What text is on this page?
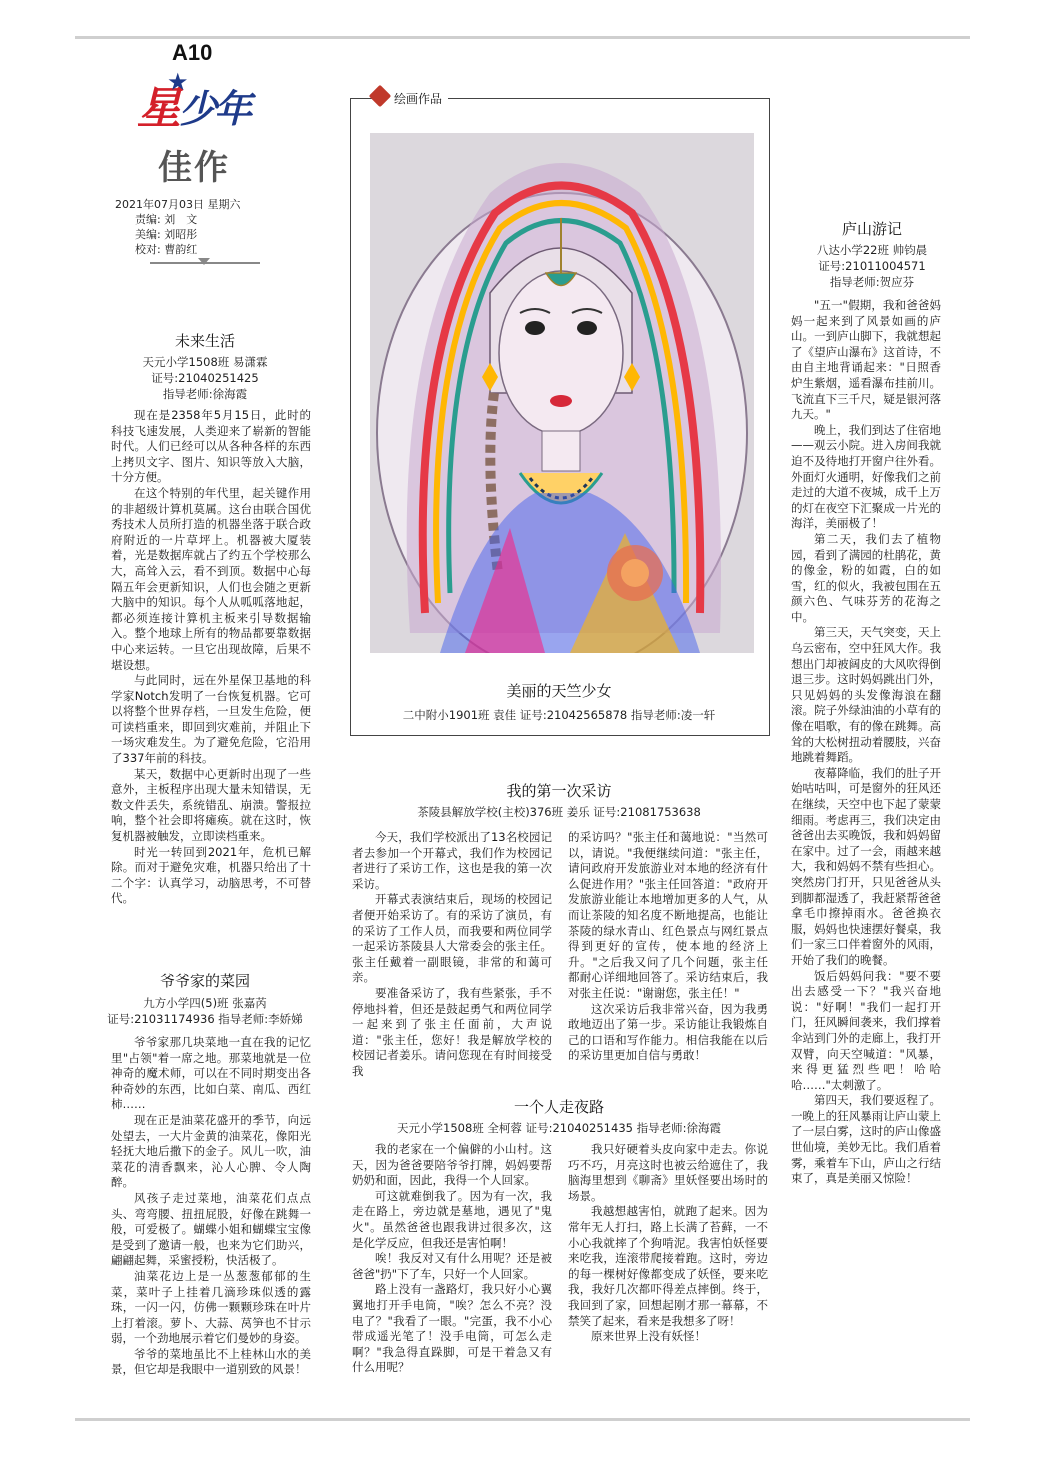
A10
星
★
少年
佳作
2021年07月03日 星期六
责编: 刘　文
美编: 刘昭彤
校对: 曹韵红
未来生活
天元小学1508班 易潇霖
证号:21040251425
指导老师:徐海霞

现在是2358年5月15日，此时的科技飞速发展，人类迎来了崭新的智能时代。人们已经可以从各种各样的东西上拷贝文字、图片、知识等放入大脑，十分方便。

在这个特别的年代里，起关键作用的非超级计算机莫属。这台由联合国优秀技术人员所打造的机器坐落于联合政府附近的一片草坪上。机器被大厦装着，光是数据库就占了约五个学校那么大，高耸入云，看不到顶。数据中心每隔五年会更新知识，人们也会随之更新大脑中的知识。每个人从呱呱落地起，都必须连接计算机主板来引导数据输入。整个地球上所有的物品都要靠数据中心来运转。一旦它出现故障，后果不堪设想。

与此同时，远在外星保卫基地的科学家Notch发明了一台恢复机器。它可以将整个世界存档，一旦发生危险，便可读档重来，即回到灾难前，并阻止下一场灾难发生。为了避免危险，它沿用了337年前的科技。

某天，数据中心更新时出现了一些意外，主板程序出现大量未知错误，无数文件丢失，系统错乱、崩溃。警报拉响，整个社会即将瘫痪。就在这时，恢复机器被触发，立即读档重来。

时光一转回到2021年，危机已解除。而对于避免灾难，机器只给出了十二个字：认真学习，动脑思考，不可替代。

爷爷家的菜园
九方小学四(5)班 张嘉芮
证号:21031174936 指导老师:李娇娣

爷爷家那几块菜地一直在我的记忆里"占领"着一席之地。那菜地就是一位神奇的魔术师，可以在不同时期变出各种奇妙的东西，比如白菜、南瓜、西红柿……

现在正是油菜花盛开的季节，向远处望去，一大片金黄的油菜花，像阳光轻抚大地后撒下的金子。风儿一吹，油菜花的清香飘来，沁人心脾、令人陶醉。

风孩子走过菜地，油菜花们点点头、弯弯腰、扭扭屁股，好像在跳舞一般，可爱极了。蝴蝶小姐和蝴蝶宝宝像是受到了邀请一般，也来为它们助兴，翩翩起舞，采蜜授粉，快活极了。

油菜花边上是一丛葱葱郁郁的生菜，菜叶子上挂着几滴珍珠似透的露珠，一闪一闪，仿佛一颗颗珍珠在叶片上打着滚。萝卜、大蒜、莴笋也不甘示弱，一个劲地展示着它们曼妙的身姿。

爷爷的菜地虽比不上桂林山水的美景，但它却是我眼中一道别致的风景！

绘画作品
美丽的天竺少女
二中附小1901班 袁佳 证号:21042565878 指导老师:凌一轩
我的第一次采访
茶陵县解放学校(主校)376班 姜乐 证号:21081753638

今天，我们学校派出了13名校园记者去参加一个开幕式，我们作为校园记者进行了采访工作，这也是我的第一次采访。

开幕式表演结束后，现场的校园记者便开始采访了。有的采访了演员，有的采访了工作人员，而我要和两位同学一起采访茶陵县人大常委会的张主任。张主任戴着一副眼镜，非常的和蔼可亲。

要准备采访了，我有些紧张，手不停地抖着，但还是鼓起勇气和两位同学一起来到了张主任面前，大声说道："张主任，您好！我是解放学校的校园记者姜乐。请问您现在有时间接受我

的采访吗？"张主任和蔼地说："当然可以，请说。"我便继续问道："张主任，请问政府开发旅游业对本地的经济有什么促进作用？"张主任回答道："政府开发旅游业能让本地增加更多的人气，从而让茶陵的知名度不断地提高，也能让茶陵的绿水青山、红色景点与网红景点得到更好的宣传，使本地的经济上升。"之后我又问了几个问题，张主任都耐心详细地回答了。采访结束后，我对张主任说："谢谢您，张主任！"

这次采访后我非常兴奋，因为我勇敢地迈出了第一步。采访能让我锻炼自己的口语和写作能力。相信我能在以后的采访里更加自信与勇敢！

一个人走夜路
天元小学1508班 全柯蓉 证号:21040251435 指导老师:徐海霞

我的老家在一个偏僻的小山村。这天，因为爸爸要陪爷爷打牌，妈妈要帮奶奶和面，因此，我得一个人回家。

可这就难倒我了。因为有一次，我走在路上，旁边就是墓地，遇见了"鬼火"。虽然爸爸也跟我讲过很多次，这是化学反应，但我还是害怕啊！

唉！我反对又有什么用呢？还是被爸爸"扔"下了车，只好一个人回家。

路上没有一盏路灯，我只好小心翼翼地打开手电筒，"唉？怎么不亮？没电了？"我看了一眼。"完蛋，我不小心带成遥光笔了！没手电筒，可怎么走啊？"我急得直跺脚，可是干着急又有什么用呢？

我只好硬着头皮向家中走去。你说巧不巧，月亮这时也被云给遮住了，我脑海里想到《聊斋》里妖怪要出场时的场景。

我越想越害怕，就跑了起来。因为常年无人打扫，路上长满了苔藓，一不小心我就摔了个狗啃泥。我害怕妖怪要来吃我，连滚带爬接着跑。这时，旁边的每一棵树好像都变成了妖怪，要来吃我，我好几次都吓得差点摔倒。终于，我回到了家，回想起刚才那一幕幕，不禁笑了起来，看来是我想多了呀！

原来世界上没有妖怪！

庐山游记
八达小学22班 帅钧晨
证号:21011004571
指导老师:贺应芬

"五一"假期，我和爸爸妈妈一起来到了风景如画的庐山。一到庐山脚下，我就想起了《望庐山瀑布》这首诗，不由自主地背诵起来："日照香炉生紫烟，遥看瀑布挂前川。飞流直下三千尺，疑是银河落九天。"

晚上，我们到达了住宿地——观云小院。进入房间我就迫不及待地打开窗户往外看。外面灯火通明，好像我们之前走过的大道不夜城，成千上万的灯在夜空下汇聚成一片光的海洋，美丽极了！

第二天，我们去了植物园，看到了满园的杜鹃花，黄的像金，粉的如霞，白的如雪，红的似火，我被包围在五颜六色、气味芬芳的花海之中。

第三天，天气突变，天上乌云密布，空中狂风大作。我想出门却被阔皮的大风吹得倒退三步。这时妈妈跳出门外，只见妈妈的头发像海浪在翻滚。院子外绿油油的小草有的像在唱歌，有的像在跳舞。高耸的大松树扭动着腰肢，兴奋地跳着舞蹈。

夜幕降临，我们的肚子开始咕咕叫，可是窗外的狂风还在继续，天空中也下起了蒙蒙细雨。考虑再三，我们决定由爸爸出去买晚饭，我和妈妈留在家中。过了一会，雨越来越大，我和妈妈不禁有些担心。突然房门打开，只见爸爸从头到脚都湿透了，我赶紧帮爸爸拿毛巾擦掉雨水。爸爸换衣服，妈妈也快速摆好餐桌，我们一家三口伴着窗外的风雨，开始了我们的晚餐。

饭后妈妈问我："要不要出去感受一下？"我兴奋地说："好啊！"我们一起打开门，狂风瞬间袭来，我们撑着伞站到门外的走廊上，我打开双臂，向天空喊道："风暴，来得更猛烈些吧！哈哈哈……"太刺激了。

第四天，我们要返程了。一晚上的狂风暴雨让庐山蒙上了一层白雾，这时的庐山像盛世仙境，美妙无比。我们盾着雾，乘着车下山，庐山之行结束了，真是美丽又惊险！
